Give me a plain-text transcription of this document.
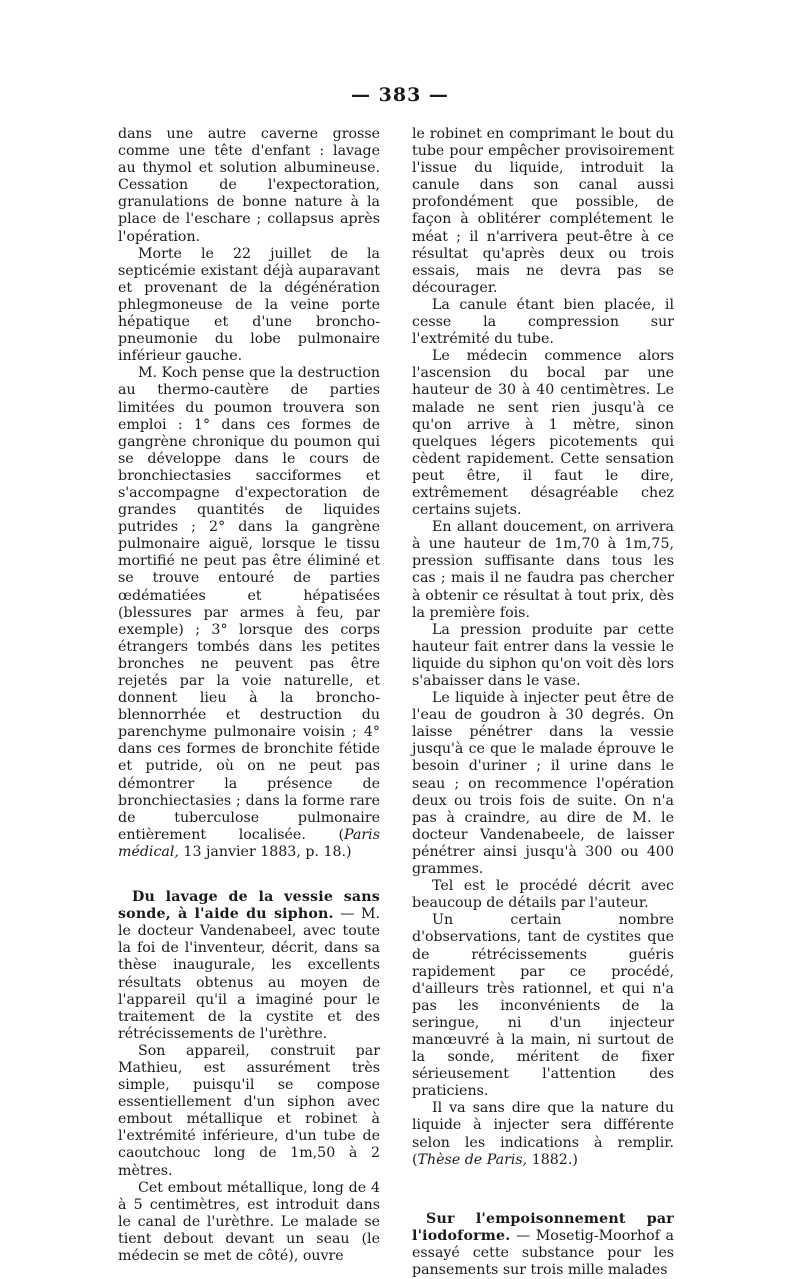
— 383 —

dans une autre caverne grosse comme une tête d'enfant : lavage au thymol et solution albumineuse. Cessation de l'expectoration, granulations de bonne nature à la place de l'eschare ; collapsus après l'opération.

Morte le 22 juillet de la septicémie existant déjà auparavant et provenant de la dégénération phlegmoneuse de la veine porte hépatique et d'une broncho-pneumonie du lobe pulmonaire inférieur gauche.

M. Koch pense que la destruction au thermo-cautère de parties limitées du poumon trouvera son emploi : 1° dans ces formes de gangrène chronique du poumon qui se développe dans le cours de bronchiectasies sacciformes et s'accompagne d'expectoration de grandes quantités de liquides putrides ; 2° dans la gangrène pulmonaire aiguë, lorsque le tissu mortifié ne peut pas être éliminé et se trouve entouré de parties œdématiées et hépatisées (blessures par armes à feu, par exemple) ; 3° lorsque des corps étrangers tombés dans les petites bronches ne peuvent pas être rejetés par la voie naturelle, et donnent lieu à la broncho-blennorrhée et destruction du parenchyme pulmonaire voisin ; 4° dans ces formes de bronchite fétide et putride, où on ne peut pas démontrer la présence de bronchiectasies ; dans la forme rare de tuberculose pulmonaire entièrement localisée. (Paris médical, 13 janvier 1883, p. 18.)

Du lavage de la vessie sans sonde, à l'aide du siphon. — M. le docteur Vandenabeel, avec toute la foi de l'inventeur, décrit, dans sa thèse inaugurale, les excellents résultats obtenus au moyen de l'appareil qu'il a imaginé pour le traitement de la cystite et des rétrécissements de l'urèthre.

Son appareil, construit par Mathieu, est assurément très simple, puisqu'il se compose essentiellement d'un siphon avec embout métallique et robinet à l'extrémité inférieure, d'un tube de caoutchouc long de 1m,50 à 2 mètres.

Cet embout métallique, long de 4 à 5 centimètres, est introduit dans le canal de l'urèthre. Le malade se tient debout devant un seau (le médecin se met de côté), ouvre

le robinet en comprimant le bout du tube pour empêcher provisoirement l'issue du liquide, introduit la canule dans son canal aussi profondément que possible, de façon à oblitérer complétement le méat ; il n'arrivera peut-être à ce résultat qu'après deux ou trois essais, mais ne devra pas se décourager.

La canule étant bien placée, il cesse la compression sur l'extrémité du tube.

Le médecin commence alors l'ascension du bocal par une hauteur de 30 à 40 centimètres. Le malade ne sent rien jusqu'à ce qu'on arrive à 1 mètre, sinon quelques légers picotements qui cèdent rapidement. Cette sensation peut être, il faut le dire, extrêmement désagréable chez certains sujets.

En allant doucement, on arrivera à une hauteur de 1m,70 à 1m,75, pression suffisante dans tous les cas ; mais il ne faudra pas chercher à obtenir ce résultat à tout prix, dès la première fois.

La pression produite par cette hauteur fait entrer dans la vessie le liquide du siphon qu'on voit dès lors s'abaisser dans le vase.

Le liquide à injecter peut être de l'eau de goudron à 30 degrés. On laisse pénétrer dans la vessie jusqu'à ce que le malade éprouve le besoin d'uriner ; il urine dans le seau ; on recommence l'opération deux ou trois fois de suite. On n'a pas à craindre, au dire de M. le docteur Vandenabeele, de laisser pénétrer ainsi jusqu'à 300 ou 400 grammes.

Tel est le procédé décrit avec beaucoup de détails par l'auteur.

Un certain nombre d'observations, tant de cystites que de rétrécissements guéris rapidement par ce procédé, d'ailleurs très rationnel, et qui n'a pas les inconvénients de la seringue, ni d'un injecteur manœuvré à la main, ni surtout de la sonde, méritent de fixer sérieusement l'attention des praticiens.

Il va sans dire que la nature du liquide à injecter sera différente selon les indications à remplir. (Thèse de Paris, 1882.)

Sur l'empoisonnement par l'iodoforme. — Mosetig-Moorhof a essayé cette substance pour les pansements sur trois mille malades
